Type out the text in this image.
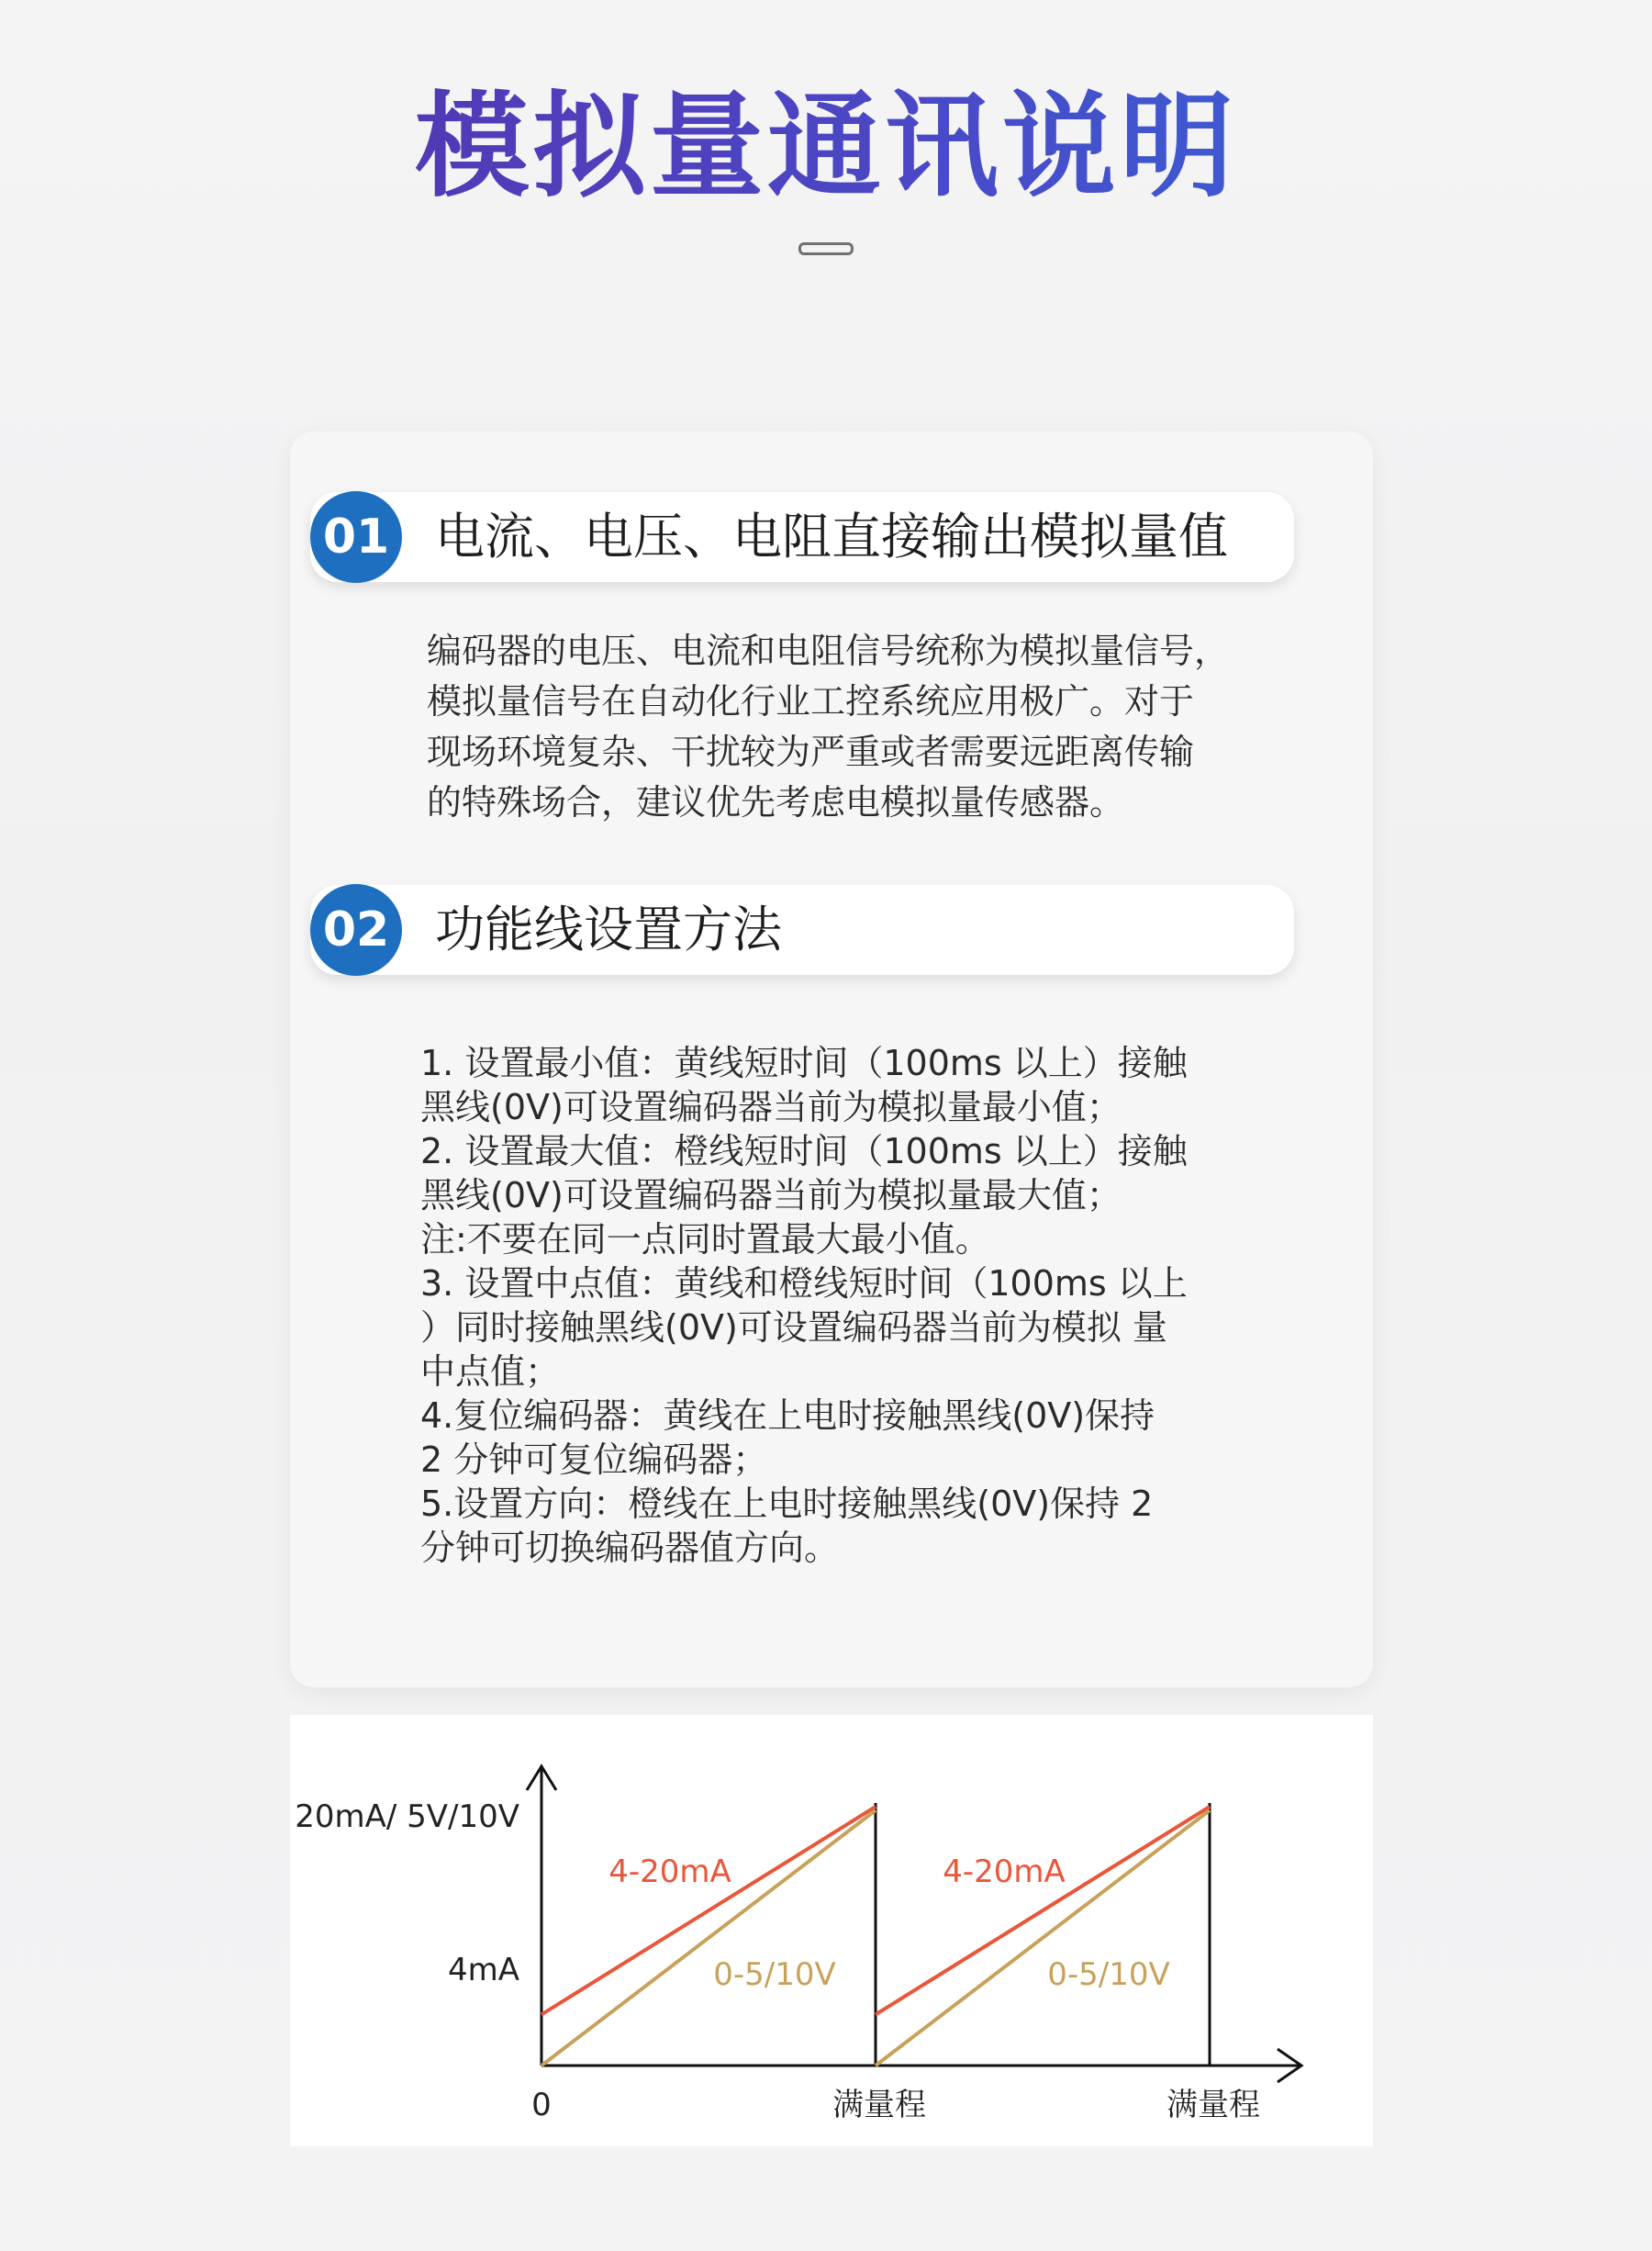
模拟量通讯说明
01 电流、电压、电阻直接输出模拟量值
编码器的电压、电流和电阻信号统称为模拟量信号，
模拟量信号在自动化行业工控系统应用极广。对于
现场环境复杂、干扰较为严重或者需要远距离传输
的特殊场合，建议优先考虑电模拟量传感器。
02 功能线设置方法
1. 设置最小值：黄线短时间（100ms 以上）接触
黑线(0V)可设置编码器当前为模拟量最小值；
2. 设置最大值：橙线短时间（100ms 以上）接触
黑线(0V)可设置编码器当前为模拟量最大值；
注:不要在同一点同时置最大最小值。
3. 设置中点值：黄线和橙线短时间（100ms 以上
）同时接触黑线(0V)可设置编码器当前为模拟 量
中点值；
4.复位编码器：黄线在上电时接触黑线(0V)保持
2 分钟可复位编码器；
5.设置方向：橙线在上电时接触黑线(0V)保持 2
分钟可切换编码器值方向。
4-20mA
0-5/10V
满量程
4-20mA
0-5/10V
满量程
20mA/ 5V/10V
4mA
0
